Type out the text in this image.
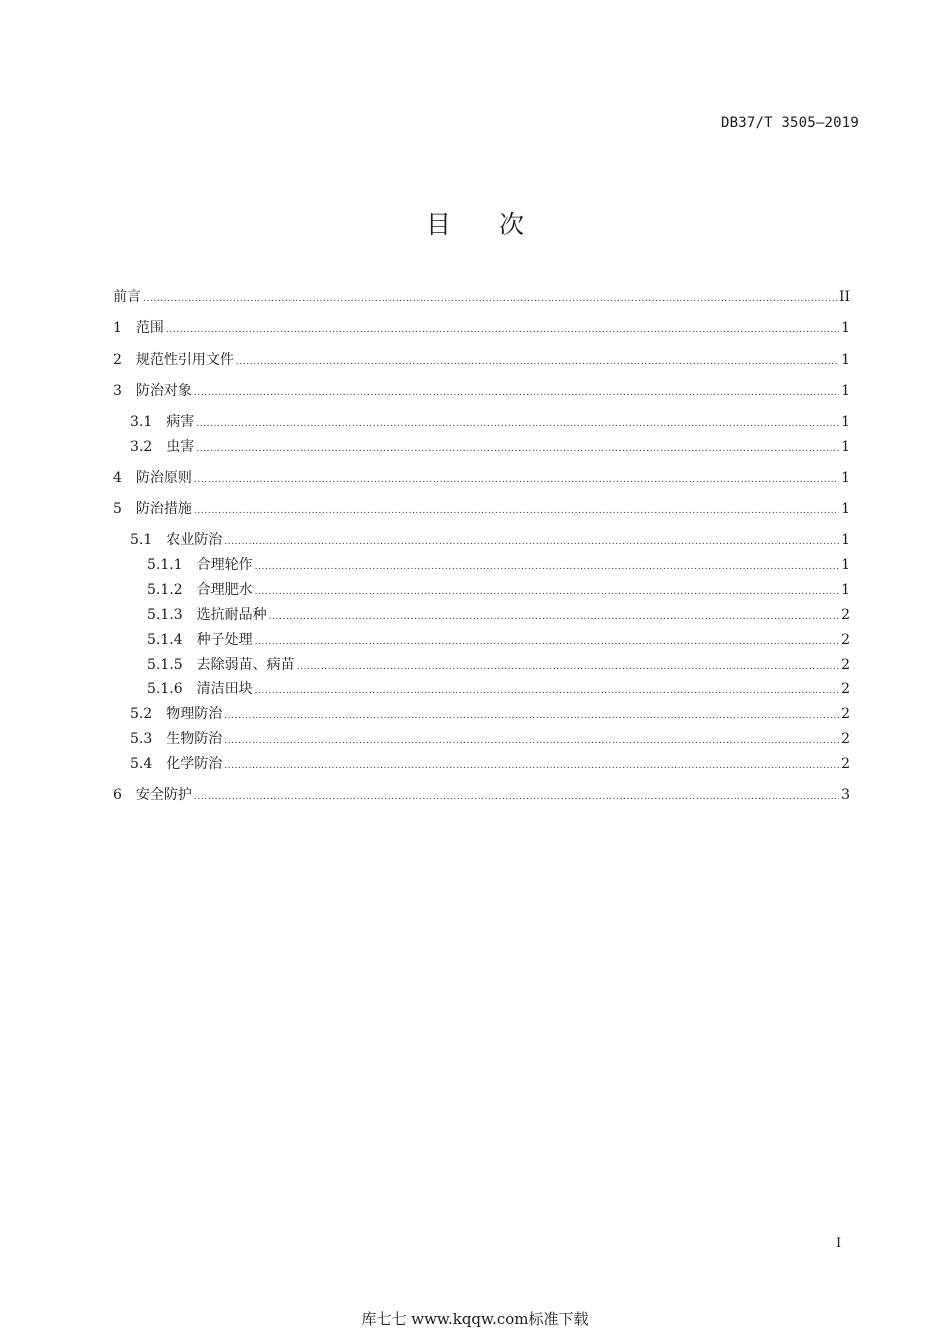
DB37/T 3505—2019
目次
前言 .....	II
1　 范围 .....	1
2　 规范性引用文件 .....	1
3　 防治对象 .....	1
3.1　 病害 .....	1
3.2　 虫害 .....	1
4　 防治原则 .....	1
5　 防治措施 .....	1
5.1　 农业防治 .....	1
5.1.1　 合理轮作 .....	1
5.1.2　 合理肥水 .....	1
5.1.3　 选抗耐品种 .....	2
5.1.4　 种子处理 .....	2
5.1.5　 去除弱苗、病苗 .....	2
5.1.6　 清洁田块 .....	2
5.2　 物理防治 .....	2
5.3　 生物防治 .....	2
5.4　 化学防治 .....	2
6　 安全防护 .....	3
I
库七七 www.kqqw.com标准下载
